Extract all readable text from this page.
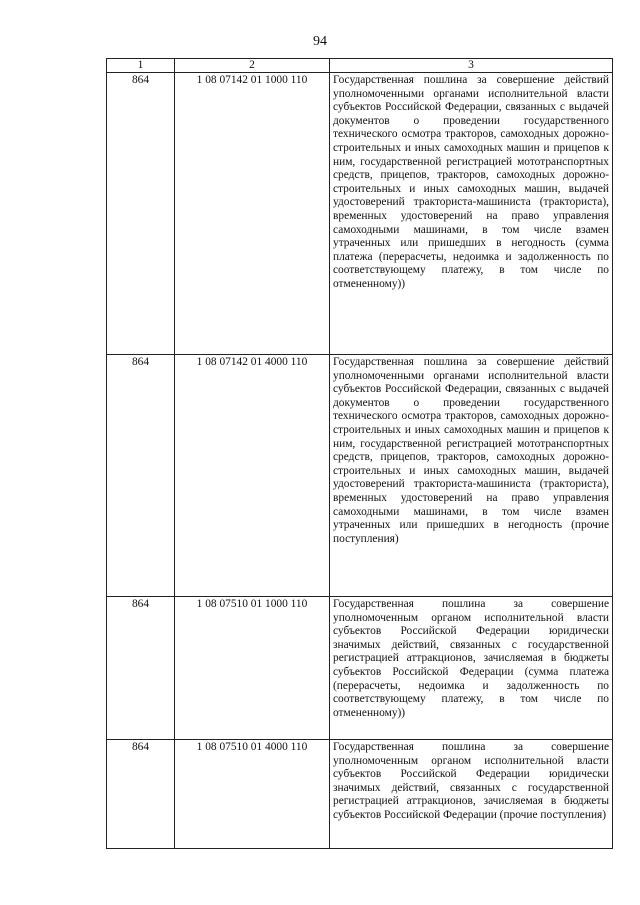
94
1	2	3
864	1 08 07142 01 1000 110	Государственная пошлина за совершение действий уполномоченными органами исполнительной власти субъектов Российской Федерации, связанных с выдачей документов о проведении государственного технического осмотра тракторов, самоходных дорожно-строительных и иных самоходных машин и прицепов к ним, государственной регистрацией мототранспортных средств, прицепов, тракторов, самоходных дорожно-строительных и иных самоходных машин, выдачей удостоверений тракториста-машиниста (тракториста), временных удостоверений на право управления самоходными машинами, в том числе взамен утраченных или пришедших в негодность (сумма платежа (перерасчеты, недоимка и задолженность по соответствующему платежу, в том числе по отмененному))
864	1 08 07142 01 4000 110	Государственная пошлина за совершение действий уполномоченными органами исполнительной власти субъектов Российской Федерации, связанных с выдачей документов о проведении государственного технического осмотра тракторов, самоходных дорожно-строительных и иных самоходных машин и прицепов к ним, государственной регистрацией мототранспортных средств, прицепов, тракторов, самоходных дорожно-строительных и иных самоходных машин, выдачей удостоверений тракториста-машиниста (тракториста), временных удостоверений на право управления самоходными машинами, в том числе взамен утраченных или пришедших в негодность (прочие поступления)
864	1 08 07510 01 1000 110	Государственная пошлина за совершение уполномоченным органом исполнительной власти субъектов Российской Федерации юридически значимых действий, связанных с государственной регистрацией аттракционов, зачисляемая в бюджеты субъектов Российской Федерации (сумма платежа (перерасчеты, недоимка и задолженность по соответствующему платежу, в том числе по отмененному))
864	1 08 07510 01 4000 110	Государственная пошлина за совершение уполномоченным органом исполнительной власти субъектов Российской Федерации юридически значимых действий, связанных с государственной регистрацией аттракционов, зачисляемая в бюджеты субъектов Российской Федерации (прочие поступления)
